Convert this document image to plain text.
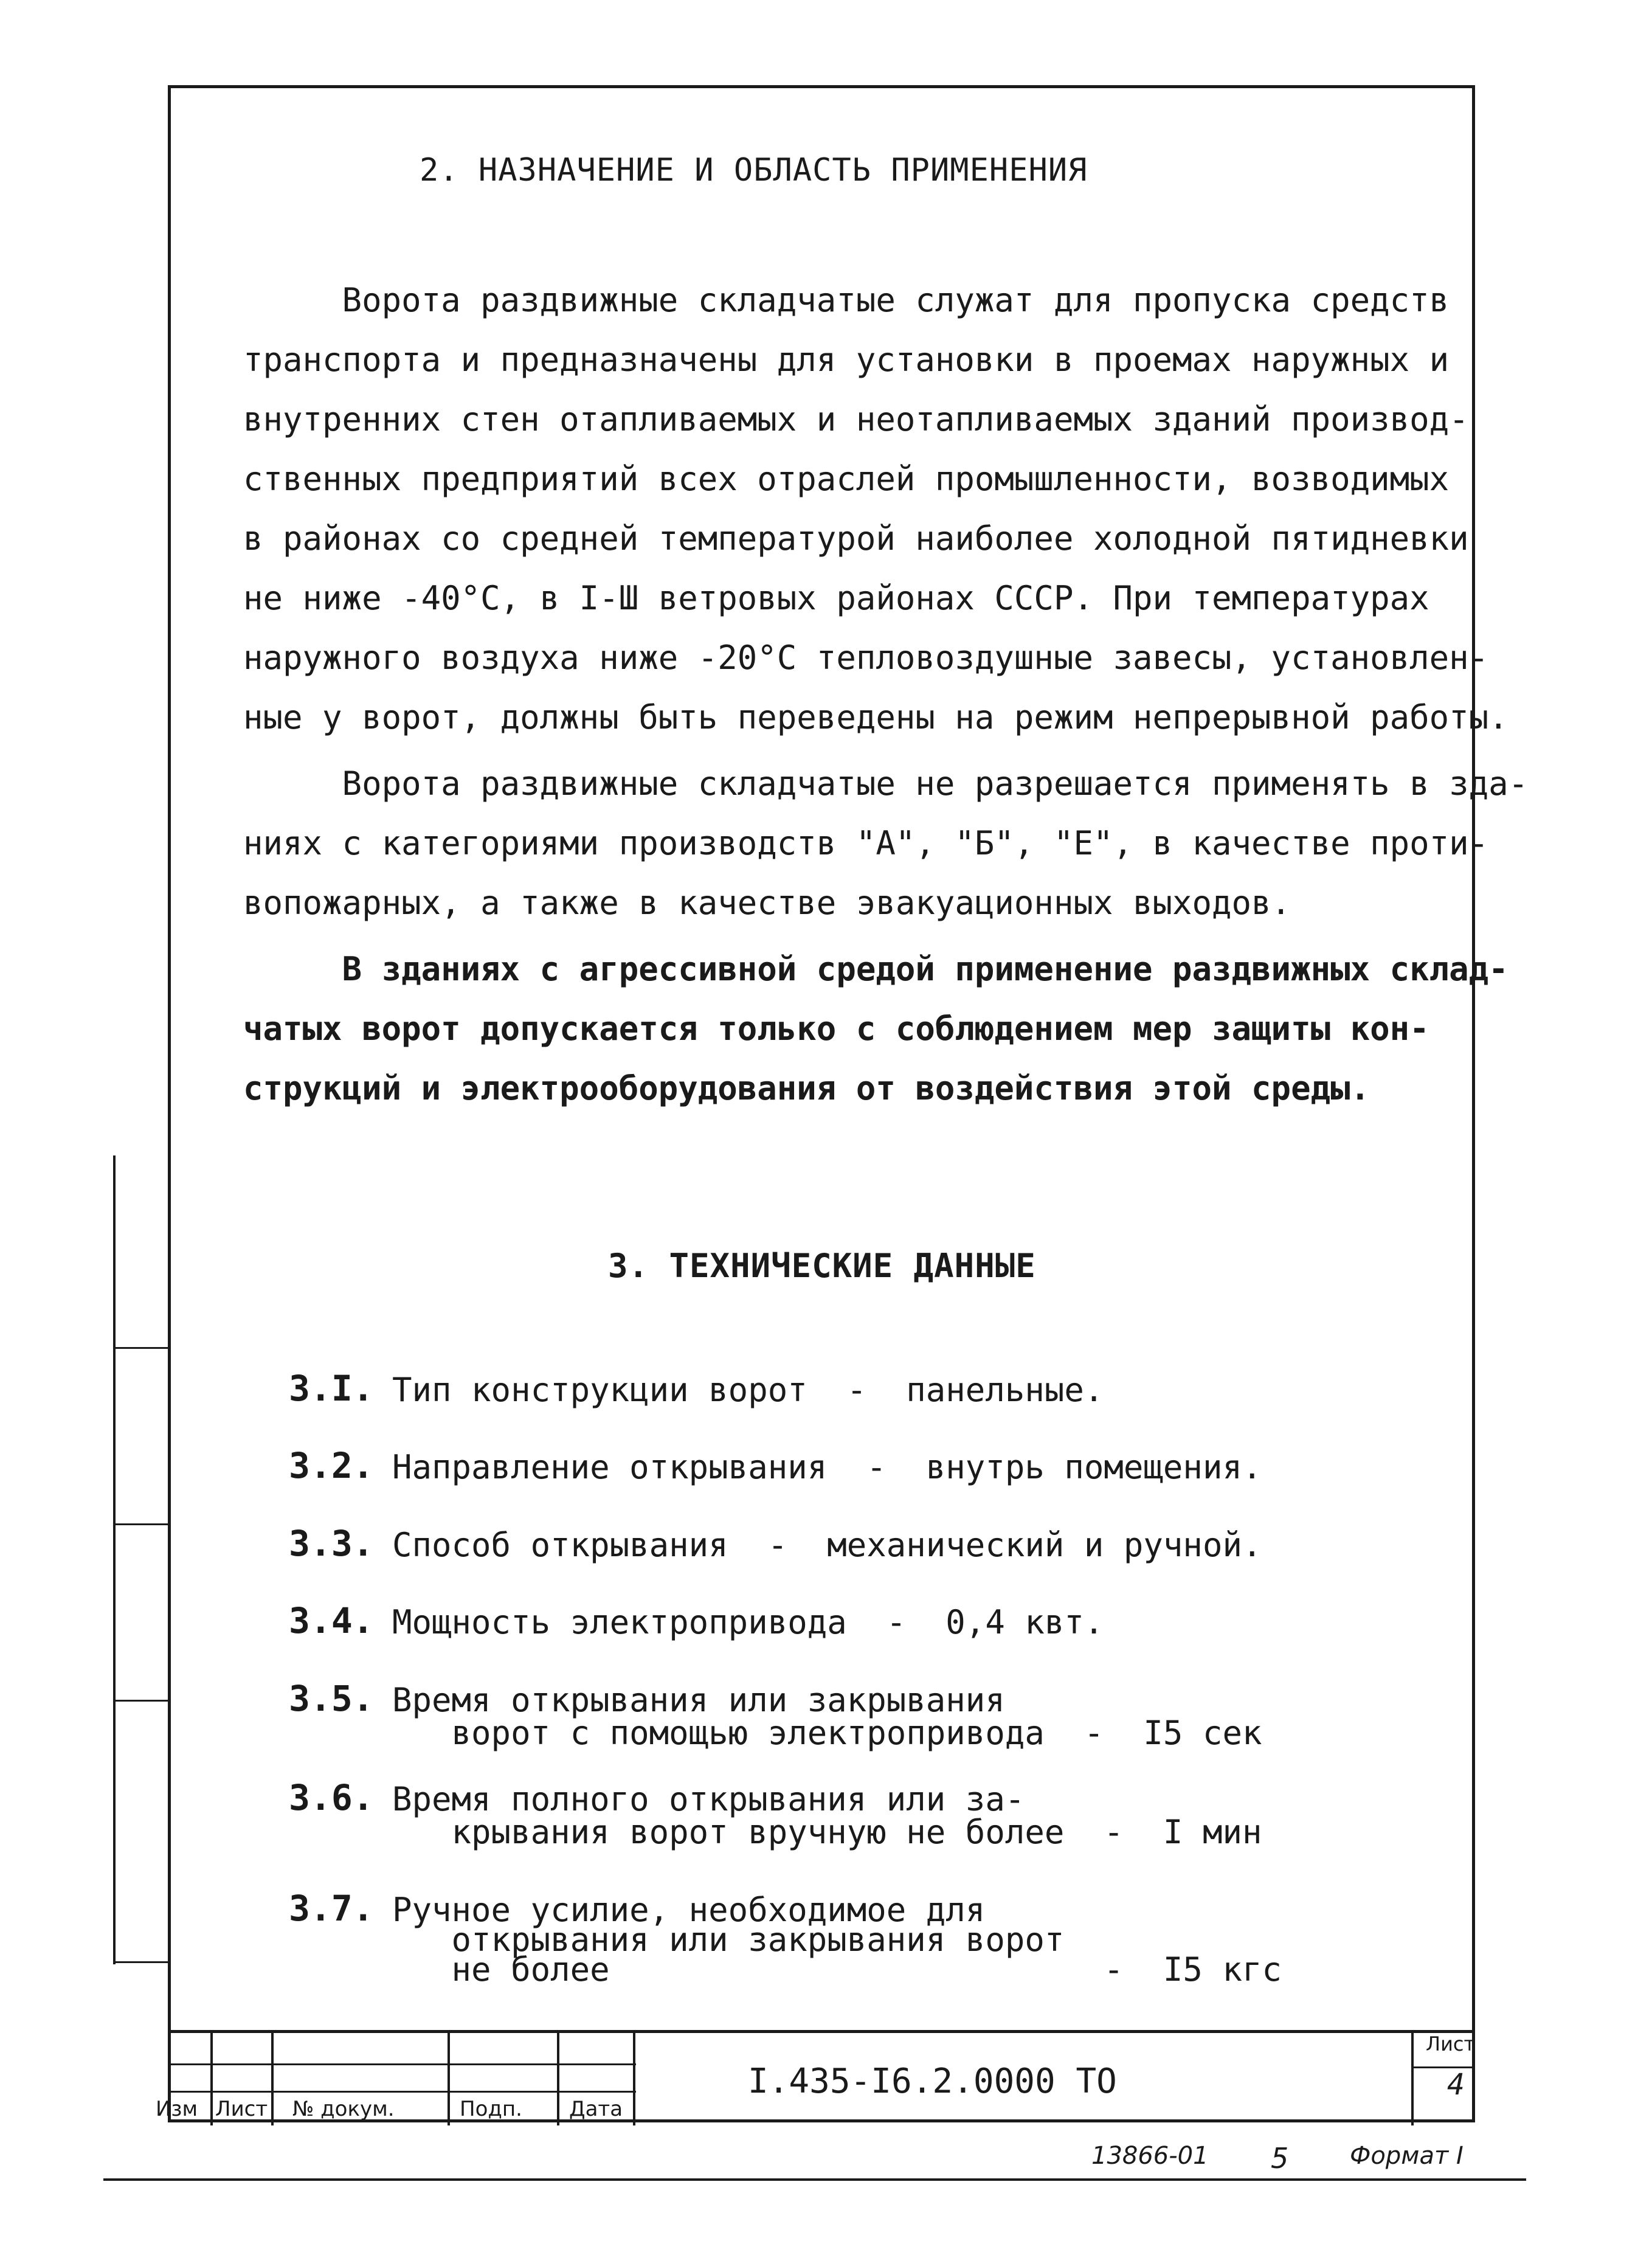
2. НАЗНАЧЕНИЕ И ОБЛАСТЬ ПРИМЕНЕНИЯ
Ворота раздвижные складчатые служат для пропуска средств
транспорта и предназначены для установки в проемах наружных и
внутренних стен отапливаемых и неотапливаемых зданий производ-
ственных предприятий всех отраслей промышленности, возводимых
в районах со средней температурой наиболее холодной пятидневки
не ниже -40°С, в I-Ш ветровых районах СССР. При температурах
наружного воздуха ниже -20°С тепловоздушные завесы, установлен-
ные у ворот, должны быть переведены на режим непрерывной работы.
Ворота раздвижные складчатые не разрешается применять в зда-
ниях с категориями производств "А", "Б", "Е", в качестве проти-
вопожарных, а также в качестве эвакуационных выходов.
В зданиях с агрессивной средой применение раздвижных склад-
чатых ворот допускается только с соблюдением мер защиты кон-
струкций и электрооборудования от воздействия этой среды.
3. ТЕХНИЧЕСКИЕ ДАННЫЕ
3.I. Тип конструкции ворот  -  панельные.
3.2. Направление открывания  -  внутрь помещения.
3.3. Способ открывания  -  механический и ручной.
3.4. Мощность электропривода  -  0,4 квт.
3.5. Время открывания или закрывания
ворот с помощью электропривода  -  I5 сек
3.6. Время полного открывания или за-
крывания ворот вручную не более  -  I мин
3.7. Ручное усилие, необходимое для
открывания или закрывания ворот
не более                         -  I5 кгс
Изм Лист № докум.	Подп. Дата
I.435-I6.2.0000 ТО
Лист
4
13866-01 5	Формат I
